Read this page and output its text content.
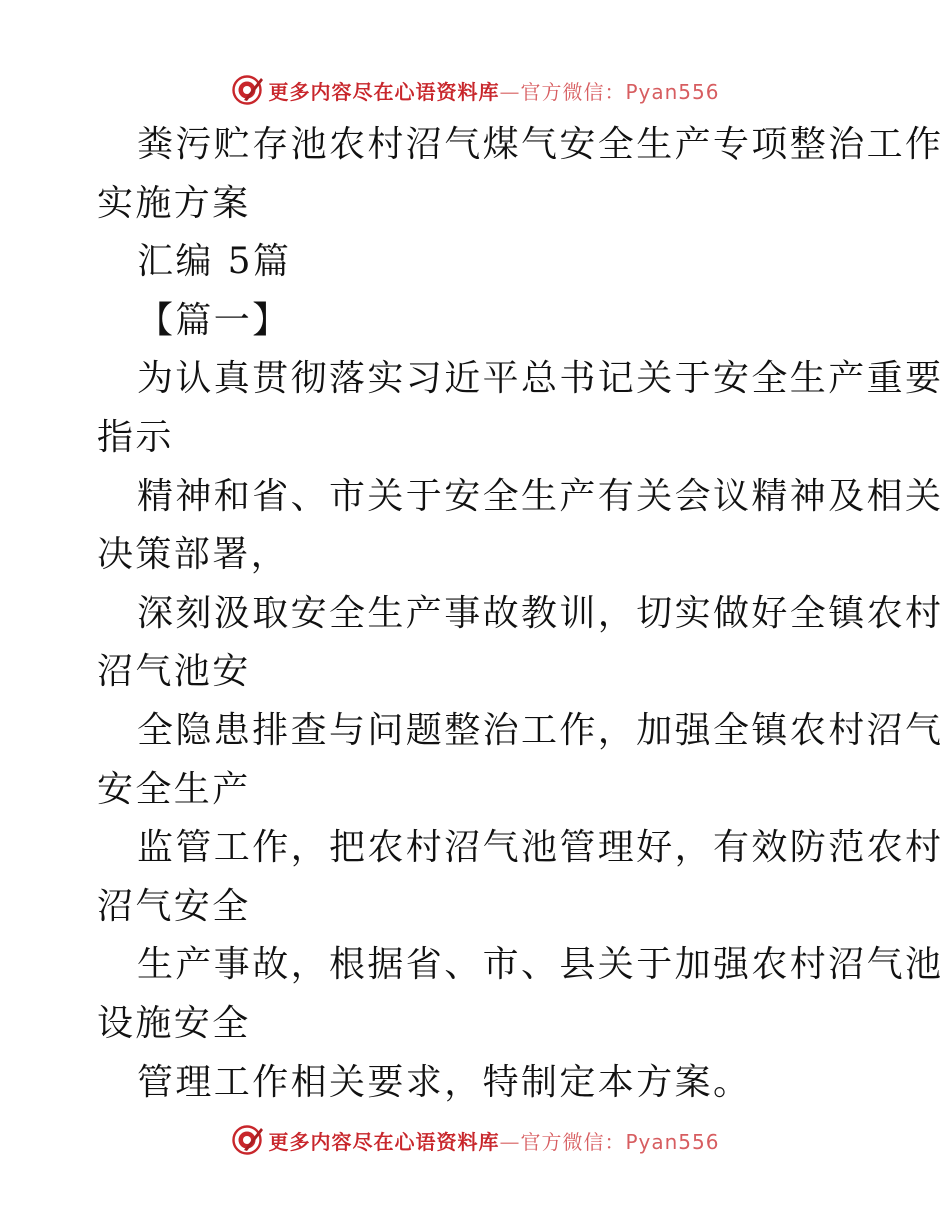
更多内容尽在心语资料库 — 官方微信：Pyan556
粪污贮存池农村沼气煤气安全生产专项整治工作
实施方案
汇编 5篇
【篇一】
为认真贯彻落实习近平总书记关于安全生产重要
指示
精神和省、市关于安全生产有关会议精神及相关
决策部署，
深刻汲取安全生产事故教训，切实做好全镇农村
沼气池安
全隐患排查与问题整治工作，加强全镇农村沼气
安全生产
监管工作，把农村沼气池管理好，有效防范农村
沼气安全
生产事故，根据省、市、县关于加强农村沼气池
设施安全
管理工作相关要求，特制定本方案。
更多内容尽在心语资料库 — 官方微信：Pyan556
